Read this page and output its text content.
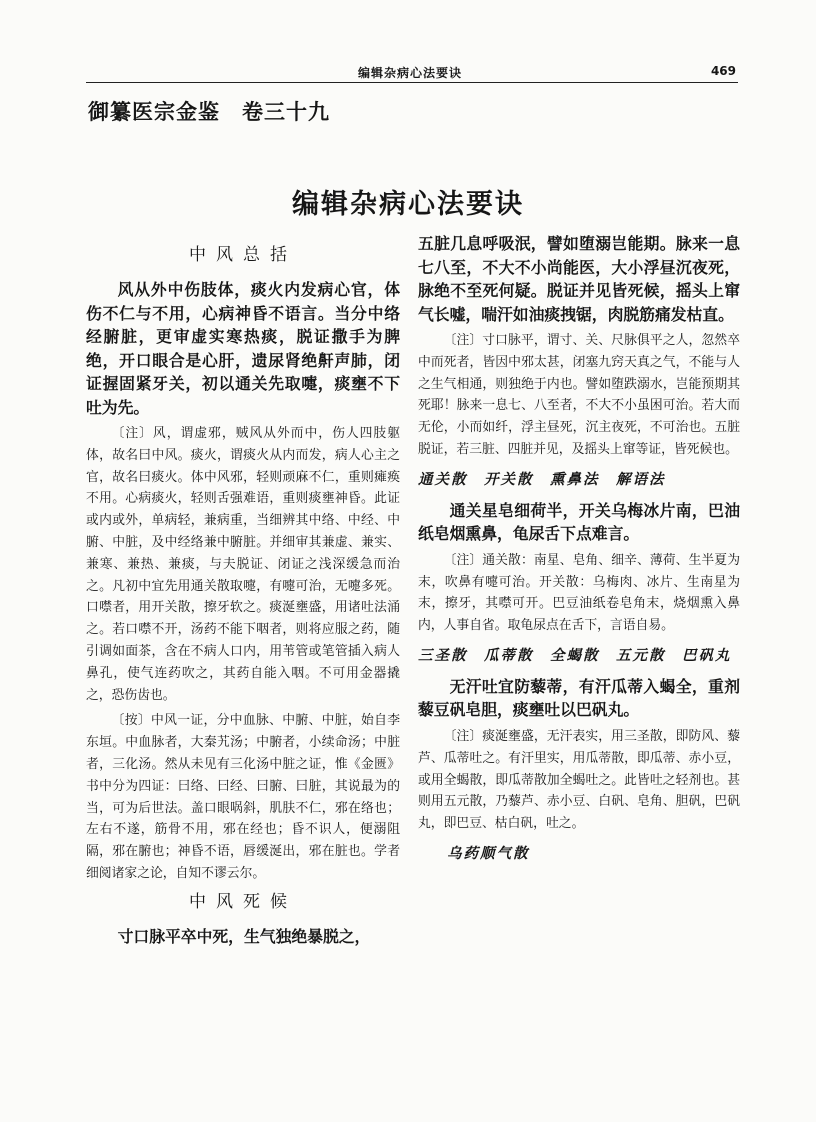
编辑杂病心法要诀	469
御纂医宗金鉴　卷三十九
编辑杂病心法要诀
中风总括
风从外中伤肢体，痰火内发病心官，体伤不仁与不用，心病神昏不语言。当分中络经腑脏，更审虚实寒热痰，脱证撒手为脾绝，开口眼合是心肝，遗尿肾绝鼾声肺，闭证握固紧牙关，初以通关先取嚏，痰壅不下吐为先。
〔注〕风，谓虚邪，贼风从外而中，伤人四肢躯体，故名曰中风。痰火，谓痰火从内而发，病人心主之官，故名曰痰火。体中风邪，轻则顽麻不仁，重则瘫痪不用。心病痰火，轻则舌强难语，重则痰壅神昏。此证或内或外，单病轻，兼病重，当细辨其中络、中经、中腑、中脏，及中经络兼中腑脏。并细审其兼虚、兼实、兼寒、兼热、兼痰，与夫脱证、闭证之浅深缓急而治之。凡初中宜先用通关散取嚏，有嚏可治，无嚏多死。口噤者，用开关散，擦牙软之。痰涎壅盛，用诸吐法涌之。若口噤不开，汤药不能下咽者，则将应服之药，随引调如面茶，含在不病人口内，用苇管或笔管插入病人鼻孔，使气连药吹之，其药自能入咽。不可用金器撬之，恐伤齿也。
〔按〕中风一证，分中血脉、中腑、中脏，始自李东垣。中血脉者，大秦艽汤；中腑者，小续命汤；中脏者，三化汤。然从未见有三化汤中脏之证，惟《金匮》书中分为四证：曰络、曰经、曰腑、曰脏，其说最为的当，可为后世法。盖口眼㖞斜，肌肤不仁，邪在络也；左右不遂，筋骨不用，邪在经也；昏不识人，便溺阻隔，邪在腑也；神昏不语，唇缓涎出，邪在脏也。学者细阅诸家之论，自知不谬云尔。
中风死候
寸口脉平卒中死，生气独绝暴脱之，
五脏几息呼吸泯，譬如堕溺岂能期。脉来一息七八至，不大不小尚能医，大小浮昼沉夜死，脉绝不至死何疑。脱证并见皆死候，摇头上窜气长嘘，喘汗如油痰拽锯，肉脱筋痛发枯直。
〔注〕寸口脉平，谓寸、关、尺脉俱平之人，忽然卒中而死者，皆因中邪太甚，闭塞九窍天真之气，不能与人之生气相通，则独绝于内也。譬如堕跌溺水，岂能预期其死耶！脉来一息七、八至者，不大不小虽困可治。若大而无伦，小而如纤，浮主昼死，沉主夜死，不可治也。五脏脱证，若三脏、四脏并见，及摇头上窜等证，皆死候也。
通关散　开关散　熏鼻法　解语法
通关星皂细荷半，开关乌梅冰片南，巴油纸皂烟熏鼻，龟尿舌下点难言。
〔注〕通关散：南星、皂角、细辛、薄荷、生半夏为末，吹鼻有嚏可治。开关散：乌梅肉、冰片、生南星为末，擦牙，其噤可开。巴豆油纸卷皂角末，烧烟熏入鼻内，人事自省。取龟尿点在舌下，言语自易。
三圣散　瓜蒂散　全蝎散　五元散　巴矾丸
无汗吐宜防藜蒂，有汗瓜蒂入蝎全，重剂藜豆矾皂胆，痰壅吐以巴矾丸。
〔注〕痰涎壅盛，无汗表实，用三圣散，即防风、藜芦、瓜蒂吐之。有汗里实，用瓜蒂散，即瓜蒂、赤小豆，或用全蝎散，即瓜蒂散加全蝎吐之。此皆吐之轻剂也。甚则用五元散，乃藜芦、赤小豆、白矾、皂角、胆矾，巴矾丸，即巴豆、枯白矾，吐之。
乌药顺气散
